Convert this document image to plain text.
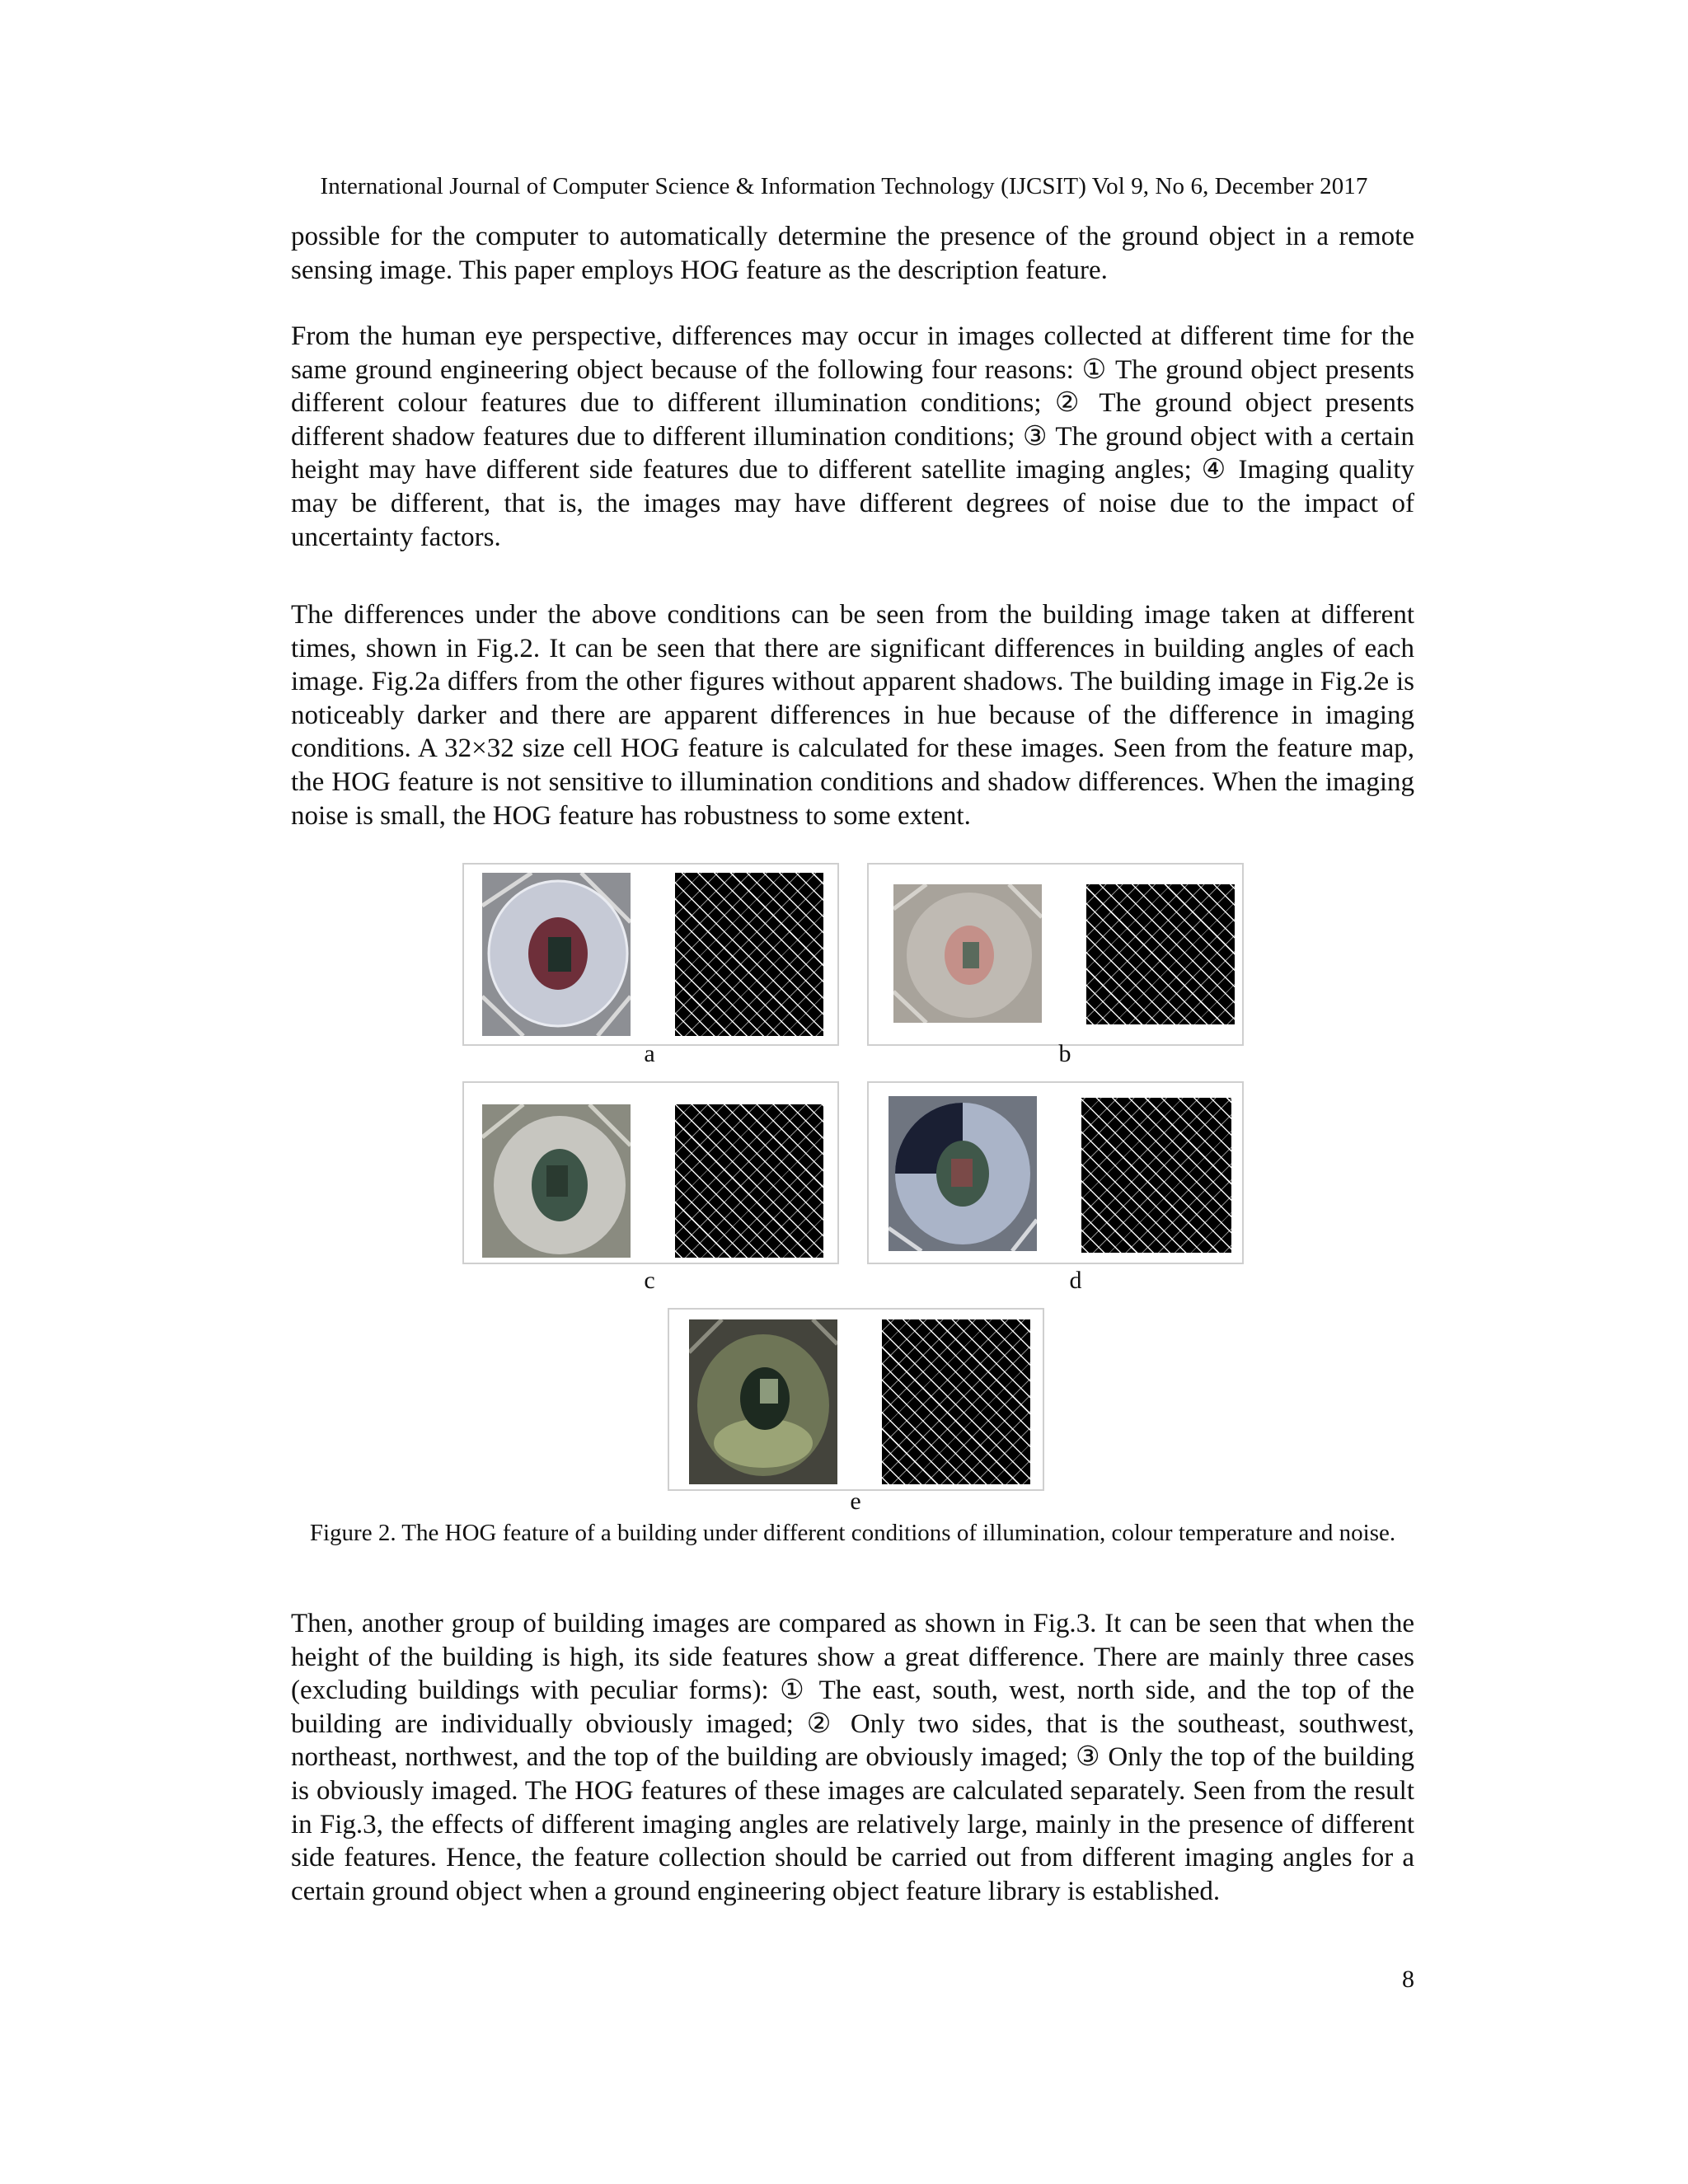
International Journal of Computer Science & Information Technology (IJCSIT) Vol 9, No 6, December 2017

possible for the computer to automatically determine the presence of the ground object in a remote sensing image. This paper employs HOG feature as the description feature.

From the human eye perspective, differences may occur in images collected at different time for the same ground engineering object because of the following four reasons: ① The ground object presents different colour features due to different illumination conditions; ② The ground object presents different shadow features due to different illumination conditions; ③ The ground object with a certain height may have different side features due to different satellite imaging angles; ④ Imaging quality may be different, that is, the images may have different degrees of noise due to the impact of uncertainty factors.

The differences under the above conditions can be seen from the building image taken at different times, shown in Fig.2. It can be seen that there are significant differences in building angles of each image. Fig.2a differs from the other figures without apparent shadows. The building image in Fig.2e is noticeably darker and there are apparent differences in hue because of the difference in imaging conditions. A 32×32 size cell HOG feature is calculated for these images. Seen from the feature map, the HOG feature is not sensitive to illumination conditions and shadow differences. When the imaging noise is small, the HOG feature has robustness to some extent.

a	b
c	d
e
Figure 2. The HOG feature of a building under different conditions of illumination, colour temperature and noise.

Then, another group of building images are compared as shown in Fig.3. It can be seen that when the height of the building is high, its side features show a great difference. There are mainly three cases (excluding buildings with peculiar forms): ① The east, south, west, north side, and the top of the building are individually obviously imaged; ② Only two sides, that is the southeast, southwest, northeast, northwest, and the top of the building are obviously imaged; ③ Only the top of the building is obviously imaged. The HOG features of these images are calculated separately. Seen from the result in Fig.3, the effects of different imaging angles are relatively large, mainly in the presence of different side features. Hence, the feature collection should be carried out from different imaging angles for a certain ground object when a ground engineering object feature library is established.

8
